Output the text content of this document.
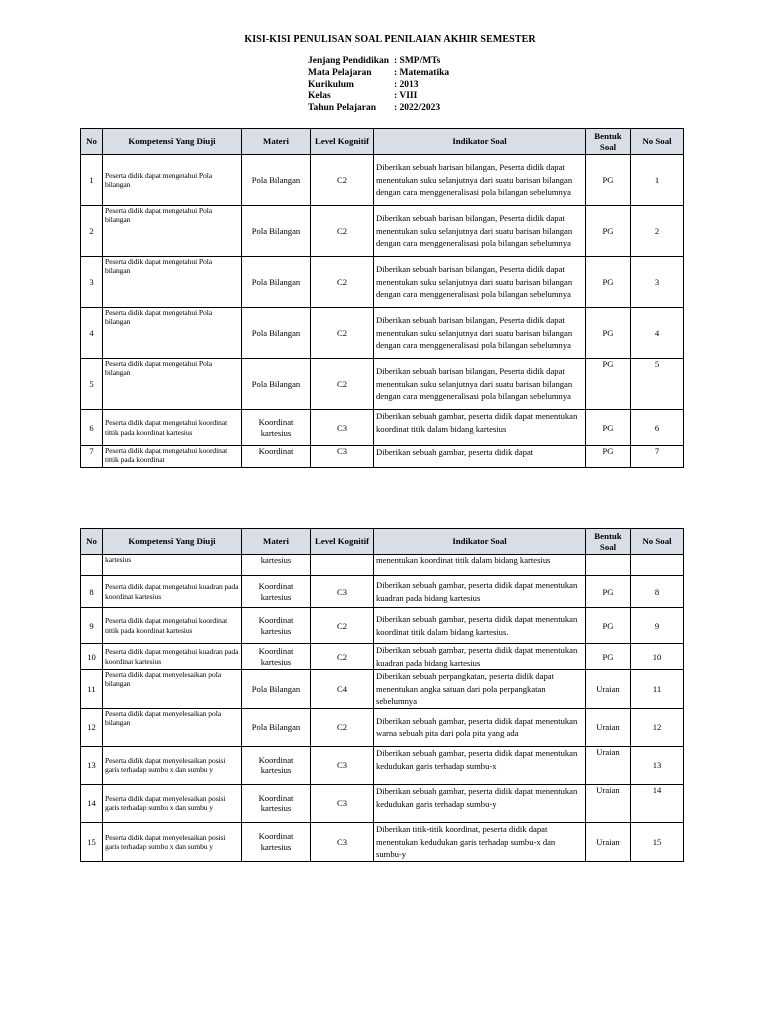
KISI-KISI PENULISAN SOAL PENILAIAN AKHIR SEMESTER
Jenjang Pendidikan : SMP/MTs
Mata Pelajaran	: Matematika
Kurikulum	: 2013
Kelas	: VIII
Tahun Pelajaran	: 2022/2023
No	Kompetensi Yang Diuji	Materi	Level Kognitif	Indikator Soal	Bentuk Soal	No Soal
1	Peserta didik dapat mengetahui Pola bilangan	Pola Bilangan	C2	Diberikan sebuah barisan bilangan, Peserta didik dapat menentukan suku selanjutnya dari suatu barisan bilangan dengan cara menggeneralisasi pola bilangan sebelumnya	PG	1
2	Peserta didik dapat mengetahui Pola bilangan	Pola Bilangan	C2	Diberikan sebuah barisan bilangan, Peserta didik dapat menentukan suku selanjutnya dari suatu barisan bilangan dengan cara menggeneralisasi pola bilangan sebelumnya	PG	2
3	Peserta didik dapat mengetahui Pola bilangan	Pola Bilangan	C2	Diberikan sebuah barisan bilangan, Peserta didik dapat menentukan suku selanjutnya dari suatu barisan bilangan dengan cara menggeneralisasi pola bilangan sebelumnya	PG	3
4	Peserta didik dapat mengetahui Pola bilangan	Pola Bilangan	C2	Diberikan sebuah barisan bilangan, Peserta didik dapat menentukan suku selanjutnya dari suatu barisan bilangan dengan cara menggeneralisasi pola bilangan sebelumnya	PG	4
5	Peserta didik dapat mengetahui Pola bilangan	Pola Bilangan	C2	Diberikan sebuah barisan bilangan, Peserta didik dapat menentukan suku selanjutnya dari suatu barisan bilangan dengan cara menggeneralisasi pola bilangan sebelumnya	PG	5
6	Peserta didik dapat mengetahui koordinat tittik pada koordinat kartesius	Koordinat kartesius	C3	Diberikan sebuah gambar, peserta didik dapat menentukan koordinat titik dalam bidang kartesius	PG	6
7	Peserta didik dapat mengetahui koordinat tittik pada koordinat	Koordinat	C3	Diberikan sebuah gambar, peserta didik dapat	PG	7
No	Kompetensi Yang Diuji	Materi	Level Kognitif	Indikator Soal	Bentuk Soal	No Soal
	kartesius	kartesius		menentukan koordinat titik dalam bidang kartesius		
8	Peserta didik dapat mengetahui kuadran pada koordinat kartesius	Koordinat kartesius	C3	Diberikan sebuah gambar, peserta didik dapat menentukan kuadran pada bidang kartesius	PG	8
9	Peserta didik dapat mengetahui koordinat tittik pada koordinat kartesius	Koordinat kartesius	C2	Diberikan sebuah gambar, peserta didik dapat menentukan koordinat titik dalam bidang kartesius.	PG	9
10	Peserta didik dapat mengetahui kuadran pada koordinat kartesius	Koordinat kartesius	C2	Diberikan sebuah gambar, peserta didik dapat menentukan kuadran pada bidang kartesius	PG	10
11	Peserta didik dapat menyelesaikan pola bilangan	Pola Bilangan	C4	Diberikan sebuah perpangkatan, peserta didik dapat menentukan angka satuan dari pola perpangkatan sebelumnya	Uraian	11
12	Peserta didik dapat menyelesaikan pola bilangan	Pola Bilangan	C2	Diberikan sebuah gambar, peserta didik dapat menentukan warna sebuah pita dari pola pita yang ada	Uraian	12
13	Peserta didik dapat menyelesaikan posisi garis terhadap sumbu x dan sumbu y	Koordinat kartesius	C3	Diberikan sebuah gambar, peserta didik dapat menentukan kedudukan garis terhadap sumbu-x	Uraian	13
14	Peserta didik dapat menyelesaikan posisi garis terhadap sumbu x dan sumbu y	Koordinat kartesius	C3	Diberikan sebuah gambar, peserta didik dapat menentukan kedudukan garis terhadap sumbu-y	Uraian	14
15	Peserta didik dapat menyelesaikan posisi garis terhadap sumbu x dan sumbu y	Koordinat kartesius	C3	Diberikan titik-titik koordinat, peserta didik dapat menentukan kedudukan garis terhadap sumbu-x dan sumbu-y	Uraian	15
